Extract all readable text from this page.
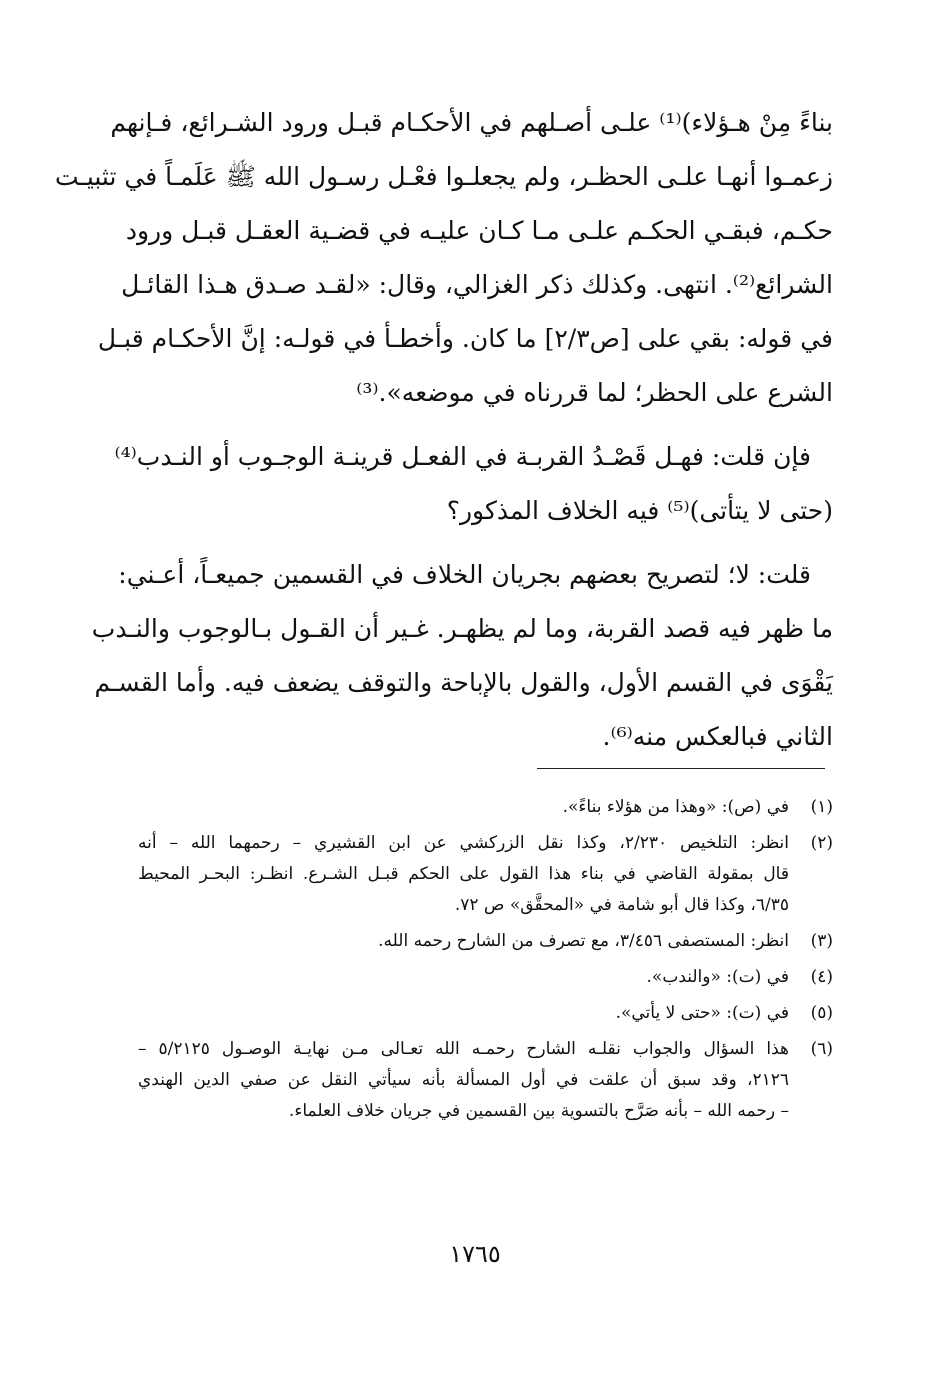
بناءً مِنْ هـؤلاء)⁽¹⁾ علـى أصـلهم في الأحكـام قبـل ورود الشـرائع، فـإنهم
زعمـوا أنهـا علـى الحظـر، ولم يجعلـوا فعْـل رسـول الله ﷺ عَلَمـاً في تثبيـت
حكـم، فبقـي الحكـم علـى مـا كـان عليـه في قضـية العقـل قبـل ورود
الشرائع⁽²⁾. انتهى. وكذلك ذكر الغزالي، وقال: «لقـد صـدق هـذا القائـل
في قوله: بقي على [ص٢/٣] ما كان. وأخطـأ في قولـه: إنَّ الأحكـام قبـل
الشرع على الحظر؛ لما قررناه في موضعه».⁽³⁾
فإن قلت: فهـل قَصْـدُ القربـة في الفعـل قرينـة الوجـوب أو النـدب⁽⁴⁾
(حتى لا يتأتى)⁽⁵⁾ فيه الخلاف المذكور؟
قلت: لا؛ لتصريح بعضهم بجريان الخلاف في القسمين جميعـاً، أعـني:
ما ظهر فيه قصد القربة، وما لم يظهـر. غـير أن القـول بـالوجوب والنـدب
يَقْوَى في القسم الأول، والقول بالإباحة والتوقف يضعف فيه. وأما القسـم
الثاني فبالعكس منه⁽⁶⁾.
(١)
في (ص): «وهذا من هؤلاء بناءً».
(٢)
انظر: التلخيص ٢/٢٣٠، وكذا نقل الزركشي عن ابن القشيري – رحمهما الله – أنه
قال بمقولة القاضي في بناء هذا القول على الحكم قبـل الشـرع. انظـر: البحـر المحيط
٦/٣٥، وكذا قال أبو شامة في «المحقَّق» ص ٧٢.
(٣)
انظر: المستصفى ٣/٤٥٦، مع تصرف من الشارح رحمه الله.
(٤)
في (ت): «والندب».
(٥)
في (ت): «حتى لا يأتي».
(٦)
هذا السؤال والجواب نقلـه الشارح رحمـه الله تعـالى مـن نهايـة الوصـول ٥/٢١٢٥ –
٢١٢٦، وقد سبق أن علقت في أول المسألة بأنه سيأتي النقل عن صفي الدين الهندي
– رحمه الله – بأنه صَرَّح بالتسوية بين القسمين في جريان خلاف العلماء.
١٧٦٥
